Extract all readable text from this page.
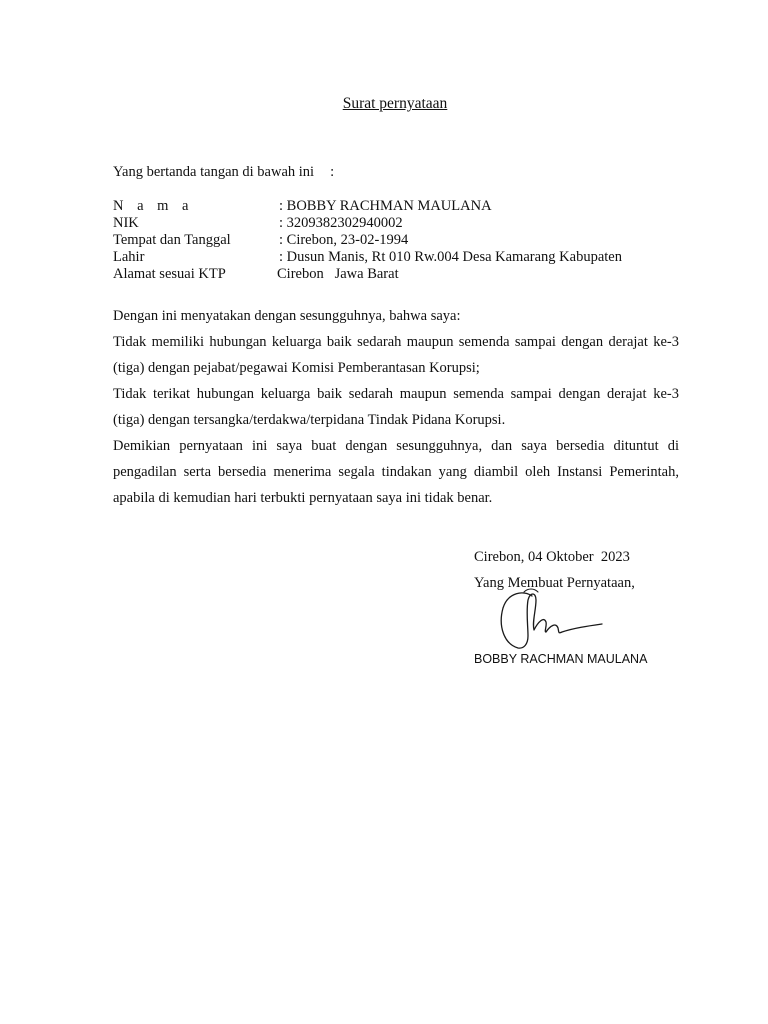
Surat pernyataan
Yang bertanda tangan di bawah ini :
N a m a	: BOBBY RACHMAN MAULANA
NIK	: 3209382302940002
Tempat dan Tanggal	: Cirebon, 23-02-1994
Lahir	: Dusun Manis, Rt 010 Rw.004 Desa Kamarang Kabupaten
Alamat sesuai KTP	Cirebon   Jawa Barat

Dengan ini menyatakan dengan sesungguhnya, bahwa saya:

Tidak memiliki hubungan keluarga baik sedarah maupun semenda sampai dengan derajat ke-3 (tiga) dengan pejabat/pegawai Komisi Pemberantasan Korupsi;

Tidak terikat hubungan keluarga baik sedarah maupun semenda sampai dengan derajat ke-3 (tiga) dengan tersangka/terdakwa/terpidana Tindak Pidana Korupsi.

Demikian pernyataan ini saya buat dengan sesungguhnya, dan saya bersedia dituntut di pengadilan serta bersedia menerima segala tindakan yang diambil oleh Instansi Pemerintah, apabila di kemudian hari terbukti pernyataan saya ini tidak benar.

Cirebon, 04 Oktober  2023

Yang Membuat Pernyataan,

BOBBY RACHMAN MAULANA
